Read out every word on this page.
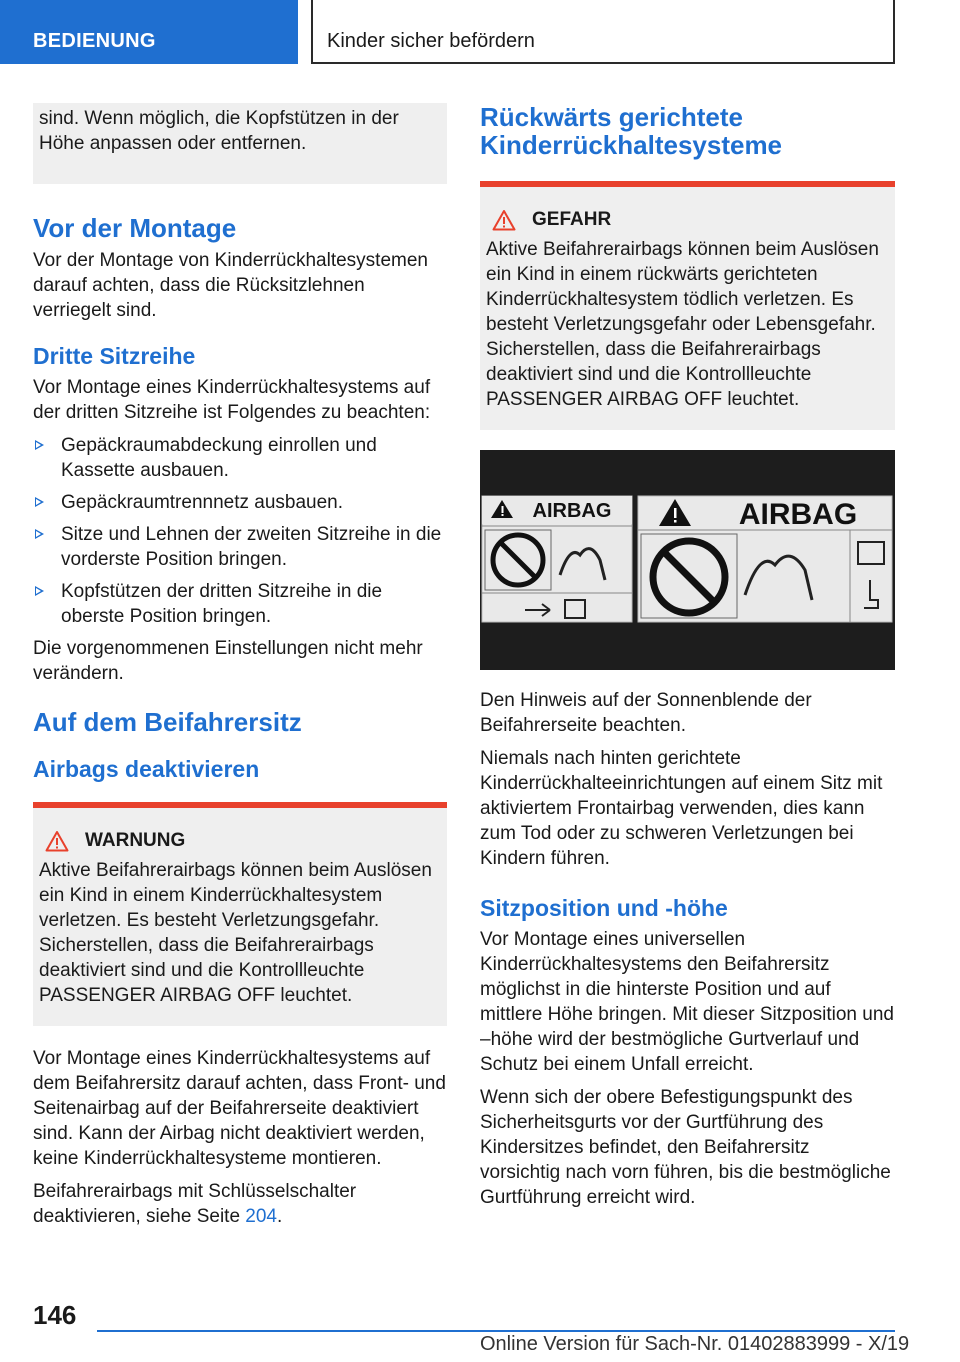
BEDIENUNG	Kinder sicher befördern

sind. Wenn möglich, die Kopfstützen in der Höhe anpassen oder entfernen.

Vor der Montage

Vor der Montage von Kinderrückhaltesystemen darauf achten, dass die Rücksitzlehnen verriegelt sind.

Dritte Sitzreihe

Vor Montage eines Kinderrückhaltesystems auf der dritten Sitzreihe ist Folgendes zu beachten:

Gepäckraumabdeckung einrollen und Kassette ausbauen.
Gepäckraumtrennnetz ausbauen.
Sitze und Lehnen der zweiten Sitzreihe in die vorderste Position bringen.
Kopfstützen der dritten Sitzreihe in die oberste Position bringen.

Die vorgenommenen Einstellungen nicht mehr verändern.

Auf dem Beifahrersitz
Airbags deaktivieren
WARNUNG

Aktive Beifahrerairbags können beim Auslösen ein Kind in einem Kinderrückhaltesystem verletzen. Es besteht Verletzungsgefahr. Sicherstellen, dass die Beifahrerairbags deaktiviert sind und die Kontrollleuchte PASSENGER AIRBAG OFF leuchtet.

Vor Montage eines Kinderrückhaltesystems auf dem Beifahrersitz darauf achten, dass Front- und Seitenairbag auf der Beifahrerseite deaktiviert sind. Kann der Airbag nicht deaktiviert werden, keine Kinderrückhaltesysteme montieren.

Beifahrerairbags mit Schlüsselschalter deaktivieren, siehe Seite 204.

Rückwärts gerichtete Kinderrückhaltesysteme
GEFAHR

Aktive Beifahrerairbags können beim Auslösen ein Kind in einem rückwärts gerichteten Kinderrückhaltesystem tödlich verletzen. Es besteht Verletzungsgefahr oder Lebensgefahr. Sicherstellen, dass die Beifahrerairbags deaktiviert sind und die Kontrollleuchte PASSENGER AIRBAG OFF leuchtet.

AIRBAG	AIRBAG

Den Hinweis auf der Sonnenblende der Beifahrerseite beachten.

Niemals nach hinten gerichtete Kinderrückhalteeinrichtungen auf einem Sitz mit aktiviertem Frontairbag verwenden, dies kann zum Tod oder zu schweren Verletzungen bei Kindern führen.

Sitzposition und -höhe

Vor Montage eines universellen Kinderrückhaltesystems den Beifahrersitz möglichst in die hinterste Position und auf mittlere Höhe bringen. Mit dieser Sitzposition und –höhe wird der bestmögliche Gurtverlauf und Schutz bei einem Unfall erreicht.

Wenn sich der obere Befestigungspunkt des Sicherheitsgurts vor der Gurtführung des Kindersitzes befindet, den Beifahrersitz vorsichtig nach vorn führen, bis die bestmögliche Gurtführung erreicht wird.

146
Online Version für Sach-Nr. 01402883999 - X/19
